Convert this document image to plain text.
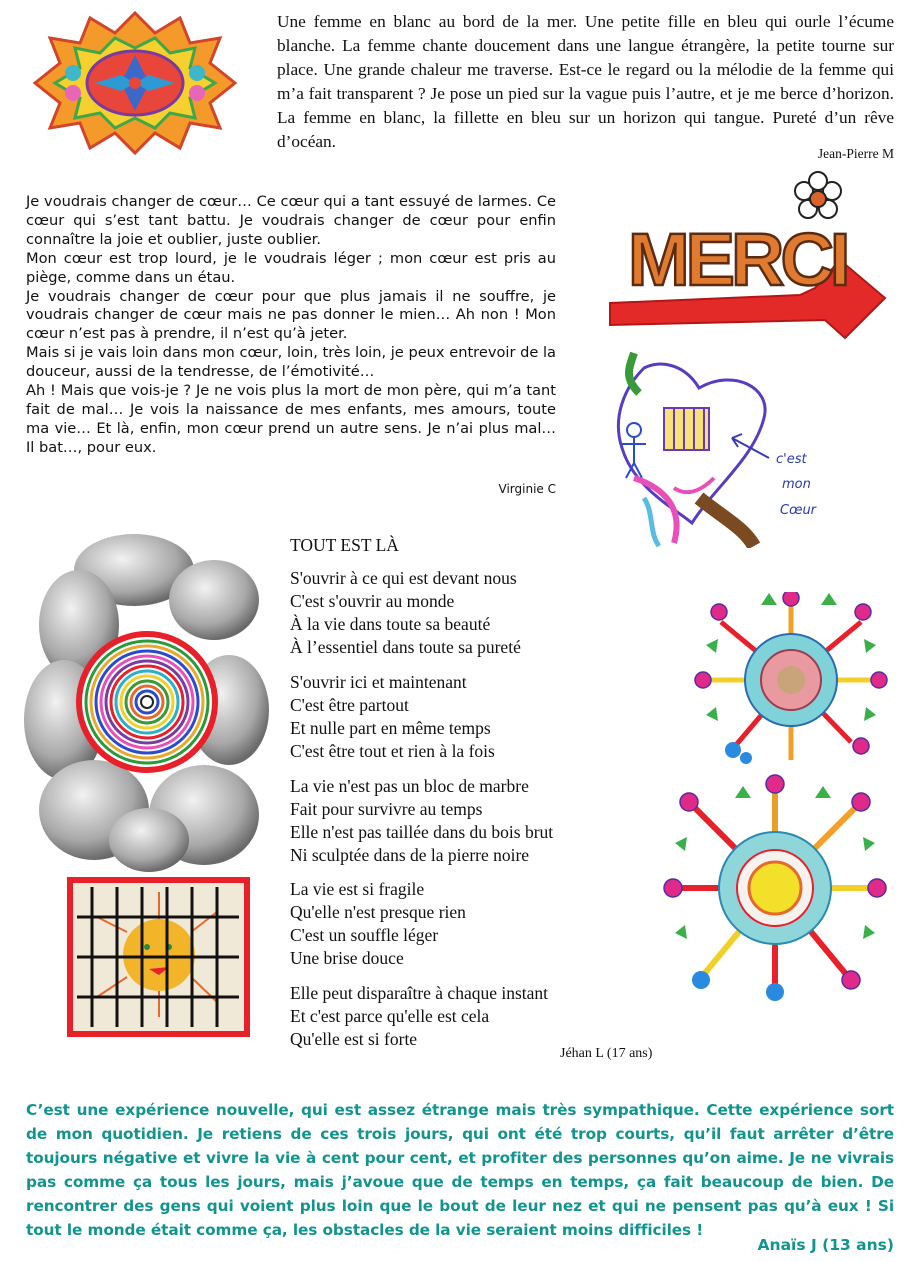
Une femme en blanc au bord de la mer. Une petite fille en bleu qui ourle l’écume blanche. La femme chante doucement dans une langue étrangère, la petite tourne sur place. Une grande chaleur me traverse. Est-ce le regard ou la mélodie de la femme qui m’a fait transparent ? Je pose un pied sur la vague puis l’autre, et je me berce d’horizon. La femme en blanc, la fillette en bleu sur un horizon qui tangue. Pureté d’un rêve d’océan.

Jean-Pierre M

Je voudrais changer de cœur… Ce cœur qui a tant essuyé de larmes. Ce cœur qui s’est tant battu. Je voudrais changer de cœur pour enfin connaître la joie et oublier, juste oublier.

Mon cœur est trop lourd, je le voudrais léger ; mon cœur est pris au piège, comme dans un étau.

Je voudrais changer de cœur pour que plus jamais il ne souffre, je voudrais changer de cœur mais ne pas donner le mien… Ah non ! Mon cœur n’est pas à prendre, il n’est qu’à jeter.

Mais si je vais loin dans mon cœur, loin, très loin, je peux entrevoir de la douceur, aussi de la tendresse, de l’émotivité…

Ah ! Mais que vois-je ? Je ne vois plus la mort de mon père, qui m’a tant fait de mal… Je vois la naissance de mes enfants, mes amours, toute ma vie… Et là, enfin, mon cœur prend un autre sens. Je n’ai plus mal… Il bat…, pour eux.

Virginie C
MERCI
c'est
mon
Cœur
TOUT EST LÀ
S'ouvrir à ce qui est devant nous
C'est s'ouvrir au monde
À la vie dans toute sa beauté
À l’essentiel dans toute sa pureté
S'ouvrir ici et maintenant
C'est être partout
Et nulle part en même temps
C'est être tout et rien à la fois
La vie n'est pas un bloc de marbre
Fait pour survivre au temps
Elle n'est pas taillée dans du bois brut
Ni sculptée dans de la pierre noire
La vie est si fragile
Qu'elle n'est presque rien
C'est un souffle léger
Une brise douce
Elle peut disparaître à chaque instant
Et c'est parce qu'elle est cela
Qu'elle est si forte
Jéhan L (17 ans)

C’est une expérience nouvelle, qui est assez étrange mais très sympathique. Cette expérience sort de mon quotidien. Je retiens de ces trois jours, qui ont été trop courts, qu’il faut arrêter d’être toujours négative et vivre la vie à cent pour cent, et profiter des personnes qu’on aime. Je ne vivrais pas comme ça tous les jours, mais j’avoue que de temps en temps, ça fait beaucoup de bien. De rencontrer des gens qui voient plus loin que le bout de leur nez et qui ne pensent pas qu’à eux ! Si tout le monde était comme ça, les obstacles de la vie seraient moins difficiles !

Anaïs J (13 ans)
